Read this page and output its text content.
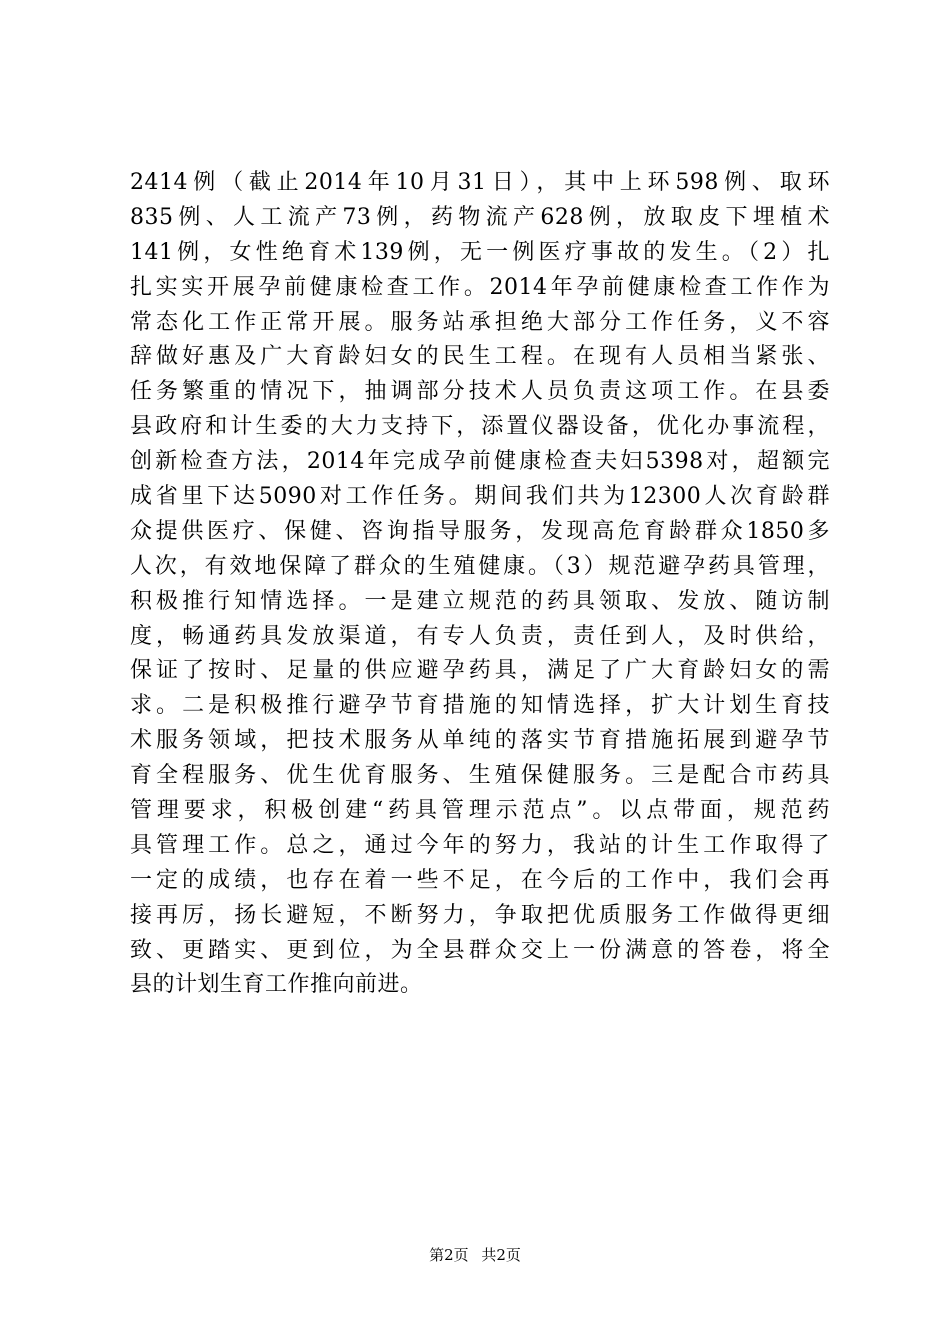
2414例（截止2014年10月31日），其中上环598例、取环
835例、人工流产73例，药物流产628例，放取皮下埋植术
141例，女性绝育术139例，无一例医疗事故的发生。（2）扎
扎实实开展孕前健康检查工作。2014年孕前健康检查工作作为
常态化工作正常开展。服务站承担绝大部分工作任务，义不容
辞做好惠及广大育龄妇女的民生工程。在现有人员相当紧张、
任务繁重的情况下，抽调部分技术人员负责这项工作。在县委
县政府和计生委的大力支持下，添置仪器设备，优化办事流程，
创新检查方法，2014年完成孕前健康检查夫妇5398对，超额完
成省里下达5090对工作任务。期间我们共为12300人次育龄群
众提供医疗、保健、咨询指导服务，发现高危育龄群众1850多
人次，有效地保障了群众的生殖健康。（3）规范避孕药具管理，
积极推行知情选择。一是建立规范的药具领取、发放、随访制
度，畅通药具发放渠道，有专人负责，责任到人，及时供给，
保证了按时、足量的供应避孕药具，满足了广大育龄妇女的需
求。二是积极推行避孕节育措施的知情选择，扩大计划生育技
术服务领域，把技术服务从单纯的落实节育措施拓展到避孕节
育全程服务、优生优育服务、生殖保健服务。三是配合市药具
管理要求，积极创建“药具管理示范点”。以点带面，规范药
具管理工作。总之，通过今年的努力，我站的计生工作取得了
一定的成绩，也存在着一些不足，在今后的工作中，我们会再
接再厉，扬长避短，不断努力，争取把优质服务工作做得更细
致、更踏实、更到位，为全县群众交上一份满意的答卷，将全
县的计划生育工作推向前进。
第2页 共2页
